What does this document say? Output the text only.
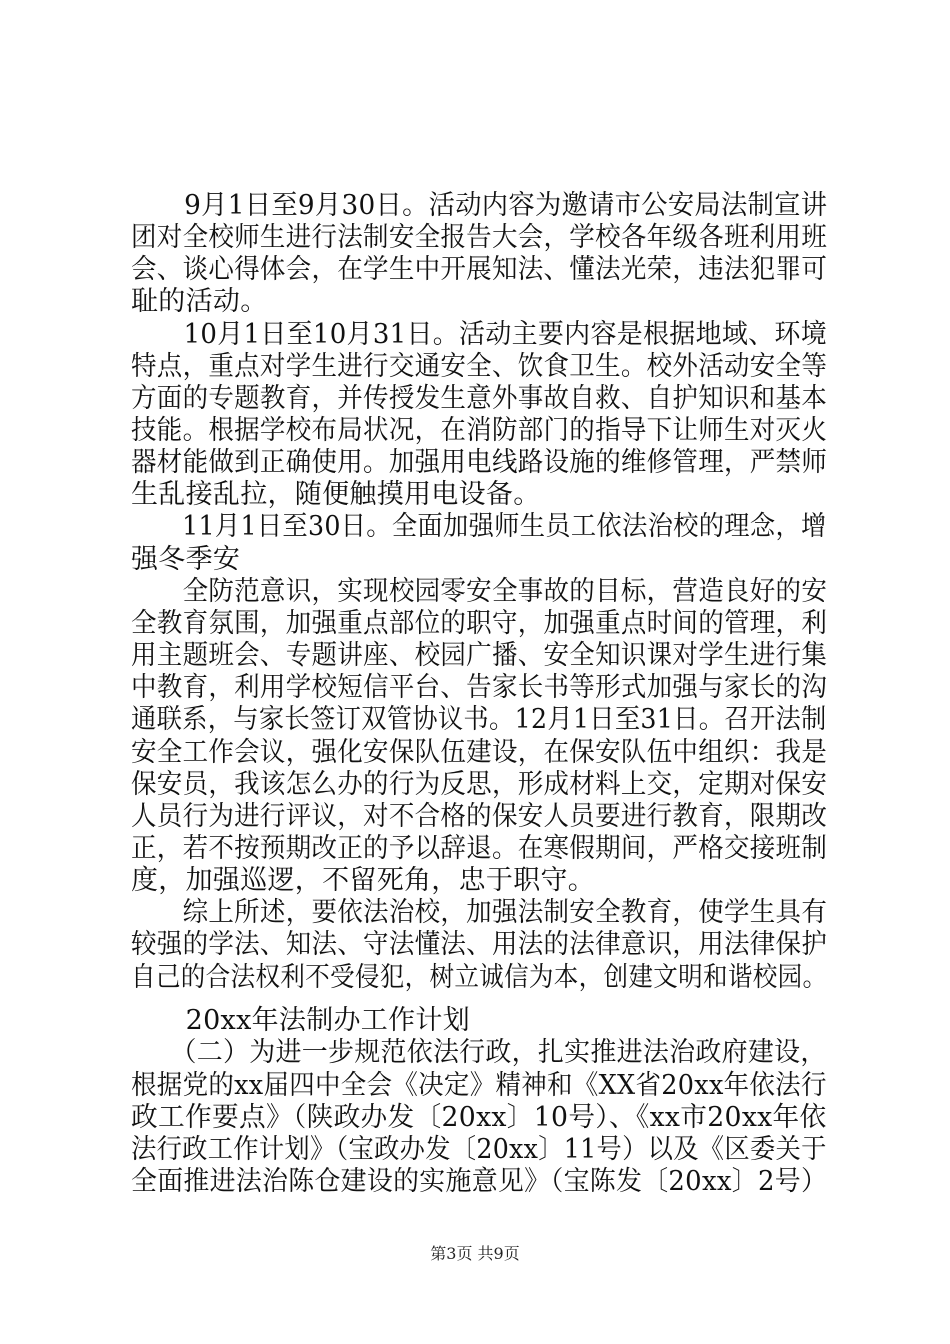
　　9月1日至9月30日。活动内容为邀请市公安局法制宣讲
团对全校师生进行法制安全报告大会，学校各年级各班利用班
会、谈心得体会，在学生中开展知法、懂法光荣，违法犯罪可
耻的活动。
　　10月1日至10月31日。活动主要内容是根据地域、环境
特点，重点对学生进行交通安全、饮食卫生。校外活动安全等
方面的专题教育，并传授发生意外事故自救、自护知识和基本
技能。根据学校布局状况，在消防部门的指导下让师生对灭火
器材能做到正确使用。加强用电线路设施的维修管理，严禁师
生乱接乱拉，随便触摸用电设备。
　　11月1日至30日。全面加强师生员工依法治校的理念，增
强冬季安
　　全防范意识，实现校园零安全事故的目标，营造良好的安
全教育氛围，加强重点部位的职守，加强重点时间的管理，利
用主题班会、专题讲座、校园广播、安全知识课对学生进行集
中教育，利用学校短信平台、告家长书等形式加强与家长的沟
通联系，与家长签订双管协议书。12月1日至31日。召开法制
安全工作会议，强化安保队伍建设，在保安队伍中组织：我是
保安员，我该怎么办的行为反思，形成材料上交，定期对保安
人员行为进行评议，对不合格的保安人员要进行教育，限期改
正，若不按预期改正的予以辞退。在寒假期间，严格交接班制
度，加强巡逻，不留死角，忠于职守。
　　综上所述，要依法治校，加强法制安全教育，使学生具有
较强的学法、知法、守法懂法、用法的法律意识，用法律保护
自己的合法权利不受侵犯，树立诚信为本，创建文明和谐校园。
　　20xx年法制办工作计划
　　（二）为进一步规范依法行政，扎实推进法治政府建设，
根据党的xx届四中全会《决定》精神和《XX省20xx年依法行
政工作要点》（陕政办发〔20xx〕10号）、《xx市20xx年依
法行政工作计划》（宝政办发〔20xx〕11号）以及《区委关于
全面推进法治陈仓建设的实施意见》（宝陈发〔20xx〕2号）
第3页 共9页
